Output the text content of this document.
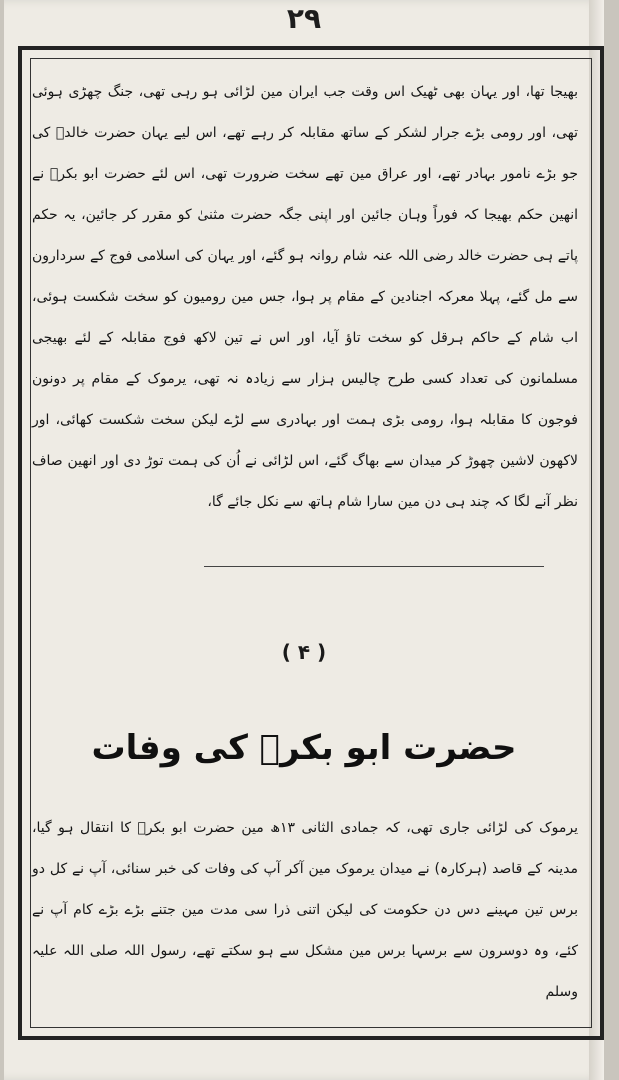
۲۹
بھیجا تھا، اور یہان بھی ٹھیک اس وقت جب ایران مین لڑائی ہو رہی تھی، جنگ چھڑی ہوئی تھی، اور رومی بڑے جرار لشکر کے ساتھ مقابلہ کر رہے تھے، اس لیے یہان حضرت خالدؓ کی جو بڑے نامور بہادر تھے، اور عراق مین تھے سخت ضرورت تھی، اس لئے حضرت ابو بکرؓ نے انھین حکم بھیجا کہ فوراً وہان جائین اور اپنی جگہ حضرت مثنیٰ کو مقرر کر جائین، یہ حکم پاتے ہی حضرت خالد رضی اللہ عنہ شام روانہ ہو گئے، اور یہان کی اسلامی فوج کے سردارون سے مل گئے، پہلا معرکہ اجنادین کے مقام پر ہوا، جس مین رومیون کو سخت شکست ہوئی، اب شام کے حاکم ہرقل کو سخت تاؤ آیا، اور اس نے تین لاکھ فوج مقابلہ کے لئے بھیجی مسلمانون کی تعداد کسی طرح چالیس ہزار سے زیادہ نہ تھی، یرموک کے مقام پر دونون فوجون کا مقابلہ ہوا، رومی بڑی ہمت اور بہادری سے لڑے لیکن سخت شکست کھائی، اور لاکھون لاشین چھوڑ کر میدان سے بھاگ گئے، اس لڑائی نے اُن کی ہمت توڑ دی اور انھین صاف نظر آنے لگا کہ چند ہی دن مین سارا شام ہاتھ سے نکل جائے گا،
( ۴ )
حضرت ابو بکرؓ کی وفات
یرموک کی لڑائی جاری تھی، کہ جمادی الثانی ۱۳ھ مین حضرت ابو بکرؓ کا انتقال ہو گیا، مدینہ کے قاصد (ہرکارہ) نے میدان یرموک مین آکر آپ کی وفات کی خبر سنائی، آپ نے کل دو برس تین مہینے دس دن حکومت کی لیکن اتنی ذرا سی مدت مین جتنے بڑے بڑے کام آپ نے کئے، وہ دوسرون سے برسہا برس مین مشکل سے ہو سکتے تھے، رسول اللہ صلی اللہ علیہ وسلم
